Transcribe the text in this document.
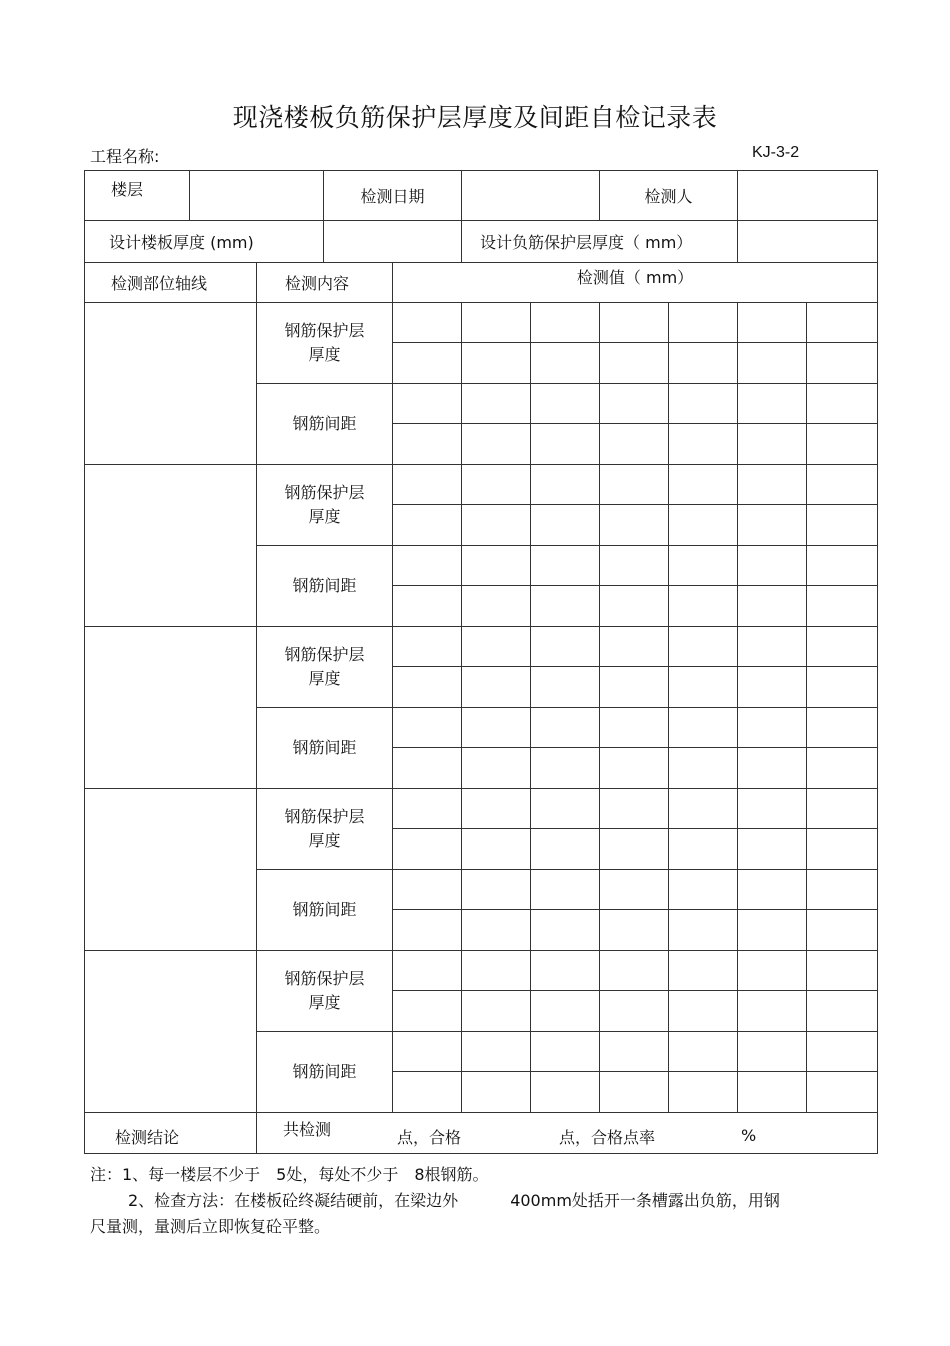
现浇楼板负筋保护层厚度及间距自检记录表
工程名称:	KJ-3-2
楼层			检测日期				检测人			
设计楼板厚度 (mm)					设计负筋保护层厚度（ mm）					
检测部位轴线		检测内容		检测值（ mm）						

		钢筋保护层
厚度								

		钢筋间距								

		钢筋保护层
厚度								

		钢筋间距								

		钢筋保护层
厚度								

		钢筋间距								

		钢筋保护层
厚度								

		钢筋间距								

		钢筋保护层
厚度								

		钢筋间距								

检测结论		共检测 点，合格 点，合格点率 %								
注：1、每一楼层不少于　5处，每处不少于　8根钢筋。
2、检查方法：在楼板砼终凝结硬前，在梁边外	400mm处括开一条槽露出负筋，用钢
尺量测，量测后立即恢复砼平整。
